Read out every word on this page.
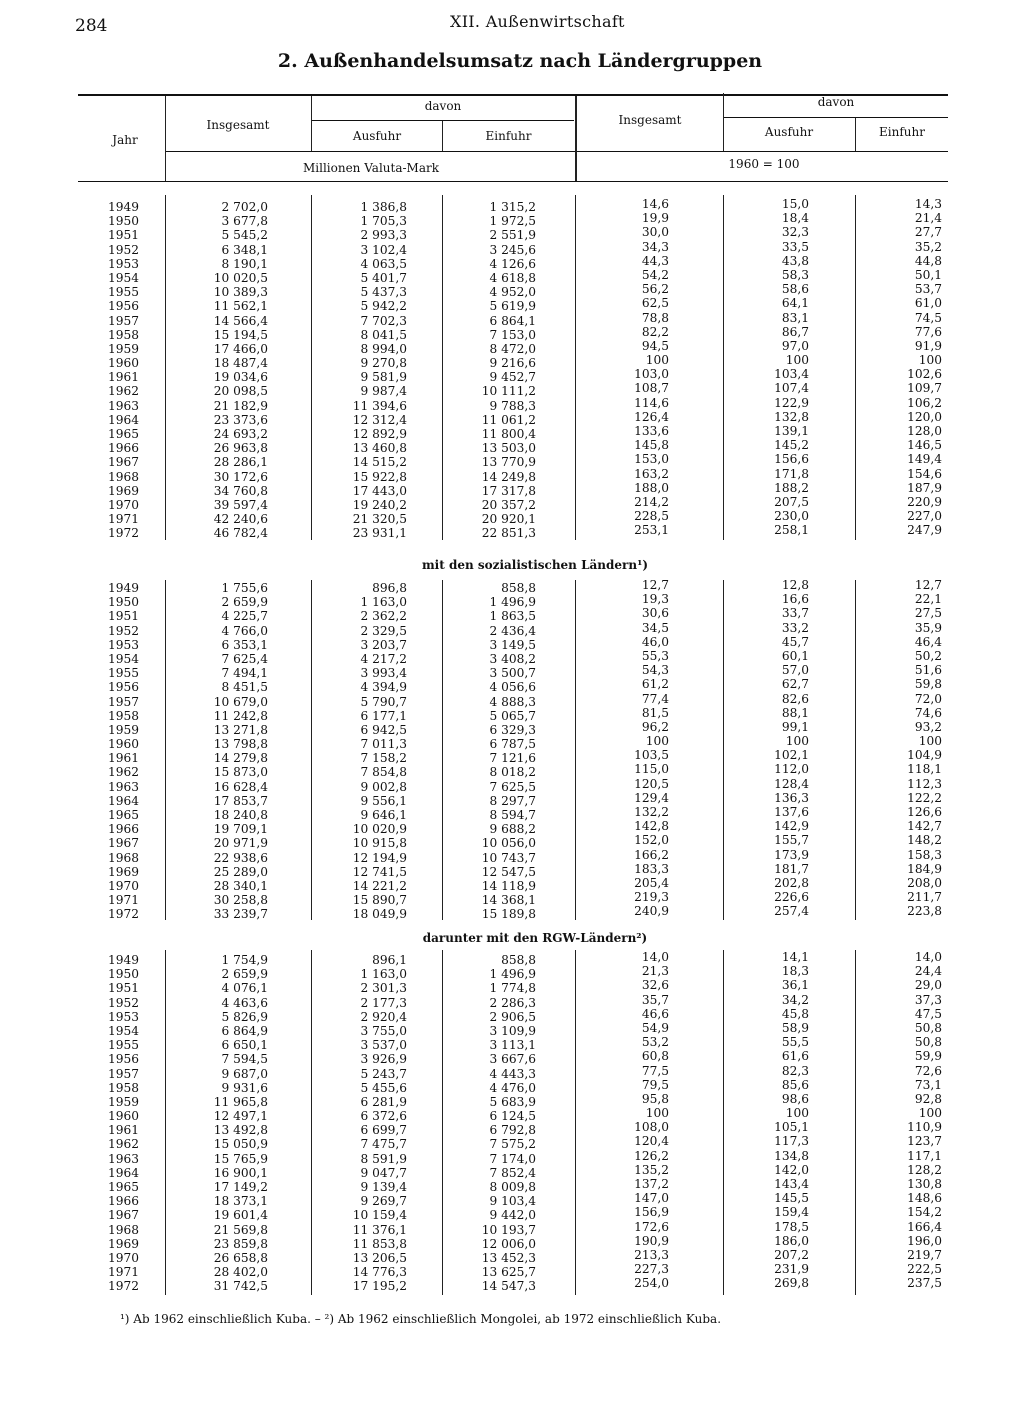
284	XII. Außenwirtschaft
2. Außenhandelsumsatz nach Ländergruppen
Jahr
Insgesamt
davon
Ausfuhr	Einfuhr
Insgesamt
davon
Ausfuhr	Einfuhr
Millionen Valuta-Mark	1960 = 100
1949	2 702,0	1 386,8	1 315,2	14,6	15,0	14,3
1950	3 677,8	1 705,3	1 972,5	19,9	18,4	21,4
1951	5 545,2	2 993,3	2 551,9	30,0	32,3	27,7
1952	6 348,1	3 102,4	3 245,6	34,3	33,5	35,2
1953	8 190,1	4 063,5	4 126,6	44,3	43,8	44,8
1954	10 020,5	5 401,7	4 618,8	54,2	58,3	50,1
1955	10 389,3	5 437,3	4 952,0	56,2	58,6	53,7
1956	11 562,1	5 942,2	5 619,9	62,5	64,1	61,0
1957	14 566,4	7 702,3	6 864,1	78,8	83,1	74,5
1958	15 194,5	8 041,5	7 153,0	82,2	86,7	77,6
1959	17 466,0	8 994,0	8 472,0	94,5	97,0	91,9
1960	18 487,4	9 270,8	9 216,6	100	100	100
1961	19 034,6	9 581,9	9 452,7	103,0	103,4	102,6
1962	20 098,5	9 987,4	10 111,2	108,7	107,4	109,7
1963	21 182,9	11 394,6	9 788,3	114,6	122,9	106,2
1964	23 373,6	12 312,4	11 061,2	126,4	132,8	120,0
1965	24 693,2	12 892,9	11 800,4	133,6	139,1	128,0
1966	26 963,8	13 460,8	13 503,0	145,8	145,2	146,5
1967	28 286,1	14 515,2	13 770,9	153,0	156,6	149,4
1968	30 172,6	15 922,8	14 249,8	163,2	171,8	154,6
1969	34 760,8	17 443,0	17 317,8	188,0	188,2	187,9
1970	39 597,4	19 240,2	20 357,2	214,2	207,5	220,9
1971	42 240,6	21 320,5	20 920,1	228,5	230,0	227,0
1972	46 782,4	23 931,1	22 851,3	253,1	258,1	247,9
mit den sozialistischen Ländern¹)
1949	1 755,6	896,8	858,8	12,7	12,8	12,7
1950	2 659,9	1 163,0	1 496,9	19,3	16,6	22,1
1951	4 225,7	2 362,2	1 863,5	30,6	33,7	27,5
1952	4 766,0	2 329,5	2 436,4	34,5	33,2	35,9
1953	6 353,1	3 203,7	3 149,5	46,0	45,7	46,4
1954	7 625,4	4 217,2	3 408,2	55,3	60,1	50,2
1955	7 494,1	3 993,4	3 500,7	54,3	57,0	51,6
1956	8 451,5	4 394,9	4 056,6	61,2	62,7	59,8
1957	10 679,0	5 790,7	4 888,3	77,4	82,6	72,0
1958	11 242,8	6 177,1	5 065,7	81,5	88,1	74,6
1959	13 271,8	6 942,5	6 329,3	96,2	99,1	93,2
1960	13 798,8	7 011,3	6 787,5	100	100	100
1961	14 279,8	7 158,2	7 121,6	103,5	102,1	104,9
1962	15 873,0	7 854,8	8 018,2	115,0	112,0	118,1
1963	16 628,4	9 002,8	7 625,5	120,5	128,4	112,3
1964	17 853,7	9 556,1	8 297,7	129,4	136,3	122,2
1965	18 240,8	9 646,1	8 594,7	132,2	137,6	126,6
1966	19 709,1	10 020,9	9 688,2	142,8	142,9	142,7
1967	20 971,9	10 915,8	10 056,0	152,0	155,7	148,2
1968	22 938,6	12 194,9	10 743,7	166,2	173,9	158,3
1969	25 289,0	12 741,5	12 547,5	183,3	181,7	184,9
1970	28 340,1	14 221,2	14 118,9	205,4	202,8	208,0
1971	30 258,8	15 890,7	14 368,1	219,3	226,6	211,7
1972	33 239,7	18 049,9	15 189,8	240,9	257,4	223,8
darunter mit den RGW-Ländern²)
1949	1 754,9	896,1	858,8	14,0	14,1	14,0
1950	2 659,9	1 163,0	1 496,9	21,3	18,3	24,4
1951	4 076,1	2 301,3	1 774,8	32,6	36,1	29,0
1952	4 463,6	2 177,3	2 286,3	35,7	34,2	37,3
1953	5 826,9	2 920,4	2 906,5	46,6	45,8	47,5
1954	6 864,9	3 755,0	3 109,9	54,9	58,9	50,8
1955	6 650,1	3 537,0	3 113,1	53,2	55,5	50,8
1956	7 594,5	3 926,9	3 667,6	60,8	61,6	59,9
1957	9 687,0	5 243,7	4 443,3	77,5	82,3	72,6
1958	9 931,6	5 455,6	4 476,0	79,5	85,6	73,1
1959	11 965,8	6 281,9	5 683,9	95,8	98,6	92,8
1960	12 497,1	6 372,6	6 124,5	100	100	100
1961	13 492,8	6 699,7	6 792,8	108,0	105,1	110,9
1962	15 050,9	7 475,7	7 575,2	120,4	117,3	123,7
1963	15 765,9	8 591,9	7 174,0	126,2	134,8	117,1
1964	16 900,1	9 047,7	7 852,4	135,2	142,0	128,2
1965	17 149,2	9 139,4	8 009,8	137,2	143,4	130,8
1966	18 373,1	9 269,7	9 103,4	147,0	145,5	148,6
1967	19 601,4	10 159,4	9 442,0	156,9	159,4	154,2
1968	21 569,8	11 376,1	10 193,7	172,6	178,5	166,4
1969	23 859,8	11 853,8	12 006,0	190,9	186,0	196,0
1970	26 658,8	13 206,5	13 452,3	213,3	207,2	219,7
1971	28 402,0	14 776,3	13 625,7	227,3	231,9	222,5
1972	31 742,5	17 195,2	14 547,3	254,0	269,8	237,5
¹) Ab 1962 einschließlich Kuba. – ²) Ab 1962 einschließlich Mongolei, ab 1972 einschließlich Kuba.
